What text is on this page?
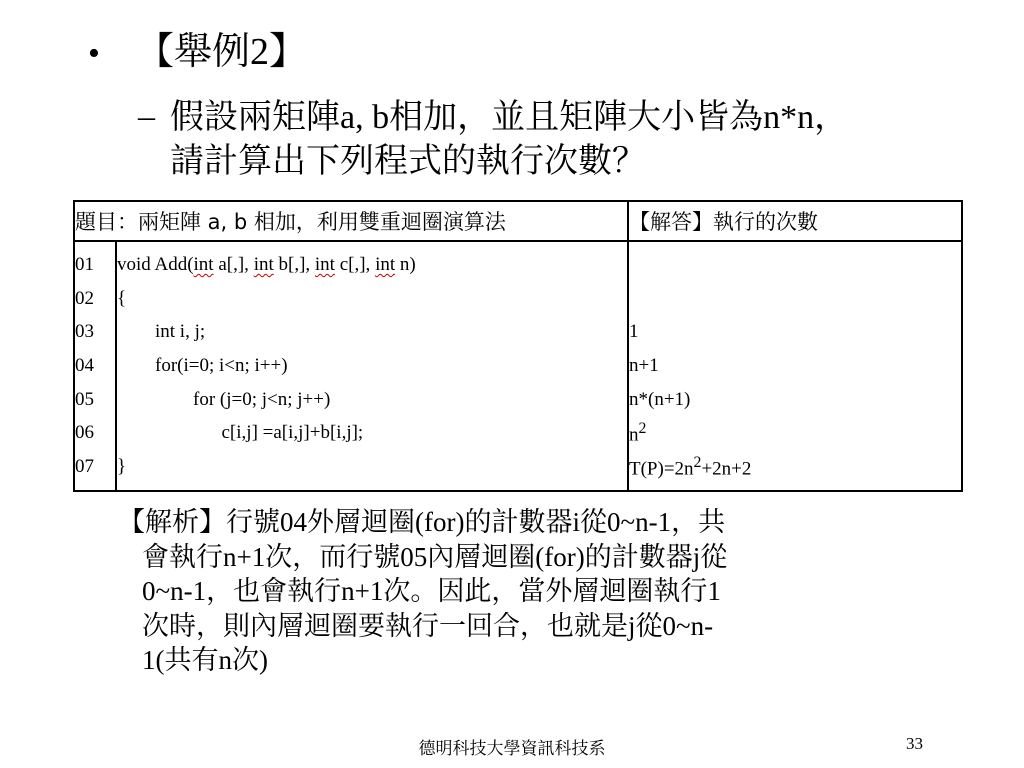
• 【舉例2】
– 假設兩矩陣a, b相加，並且矩陣大小皆為n*n，
請計算出下列程式的執行次數？
題目：兩矩陣 a, b 相加，利用雙重迴圈演算法		【解答】執行的次數
01	void Add(int a[,], int b[,], int c[,], int n)	
02	{	
03	int i, j;	1
04	for(i=0; i<n; i++)	n+1
05	for (j=0; j<n; j++)	n*(n+1)
06	c[i,j] =a[i,j]+b[i,j];	$n^2$
07	}	$T(P)=2n^2+2n+2$
【解析】行號04外層迴圈(for)的計數器i從0~n-1，共
會執行n+1次，而行號05內層迴圈(for)的計數器j從
0~n-1，也會執行n+1次。因此，當外層迴圈執行1
次時，則內層迴圈要執行一回合，也就是j從0~n-
1(共有n次)
德明科技大學資訊科技系	33
